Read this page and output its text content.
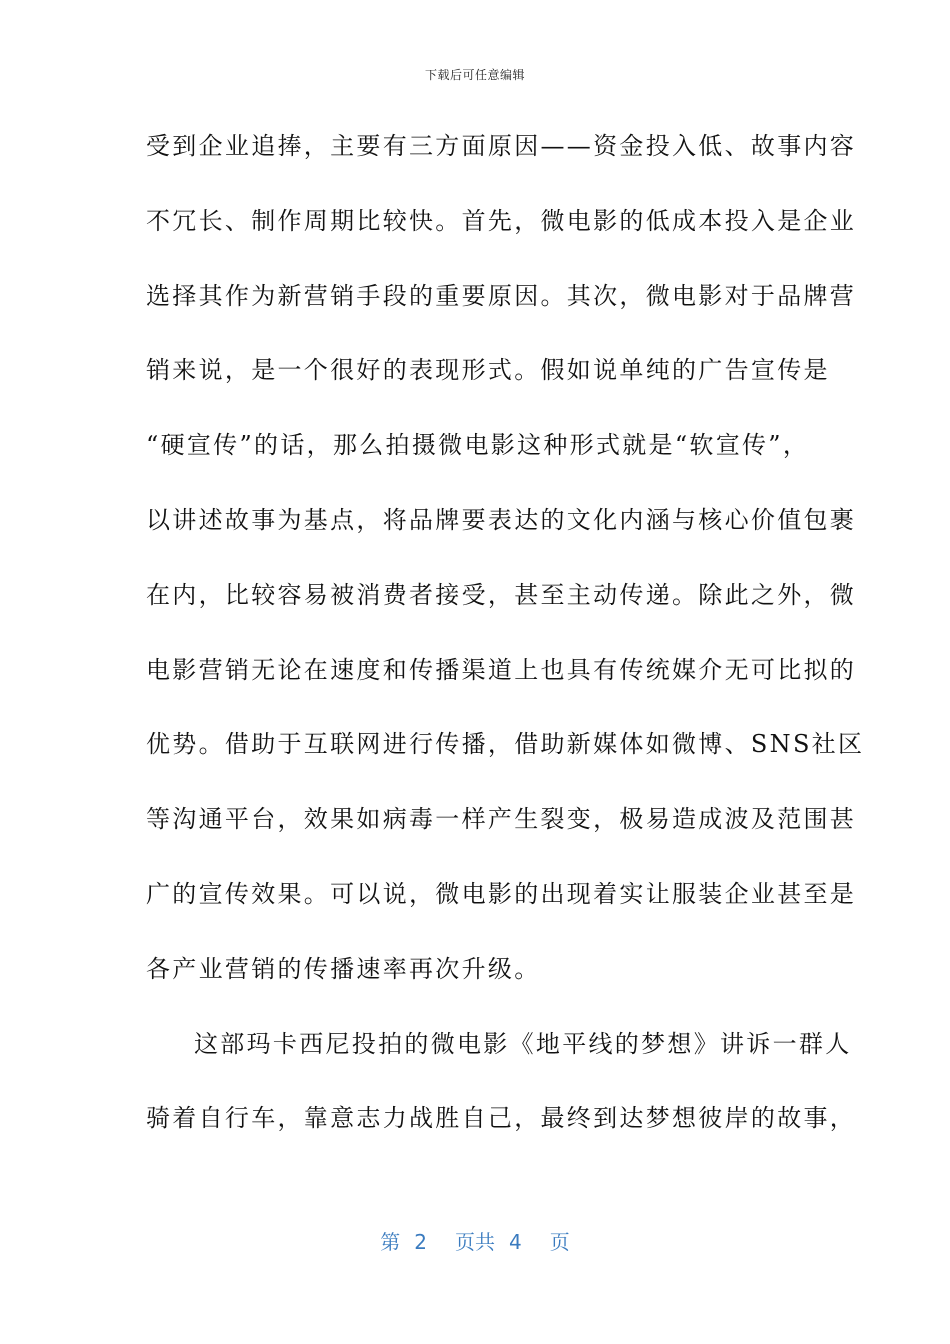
下载后可任意编辑
受到企业追捧，主要有三方面原因——资金投入低、故事内容
不冗长、制作周期比较快。首先，微电影的低成本投入是企业
选择其作为新营销手段的重要原因。其次，微电影对于品牌营
销来说，是一个很好的表现形式。假如说单纯的广告宣传是
“硬宣传”的话，那么拍摄微电影这种形式就是“软宣传”，
以讲述故事为基点，将品牌要表达的文化内涵与核心价值包裹
在内，比较容易被消费者接受，甚至主动传递。除此之外，微
电影营销无论在速度和传播渠道上也具有传统媒介无可比拟的
优势。借助于互联网进行传播，借助新媒体如微博、SNS社区
等沟通平台，效果如病毒一样产生裂变，极易造成波及范围甚
广的宣传效果。可以说，微电影的出现着实让服装企业甚至是
各产业营销的传播速率再次升级。
这部玛卡西尼投拍的微电影《地平线的梦想》讲诉一群人
骑着自行车，靠意志力战胜自己，最终到达梦想彼岸的故事，
第 2 页共 4 页
